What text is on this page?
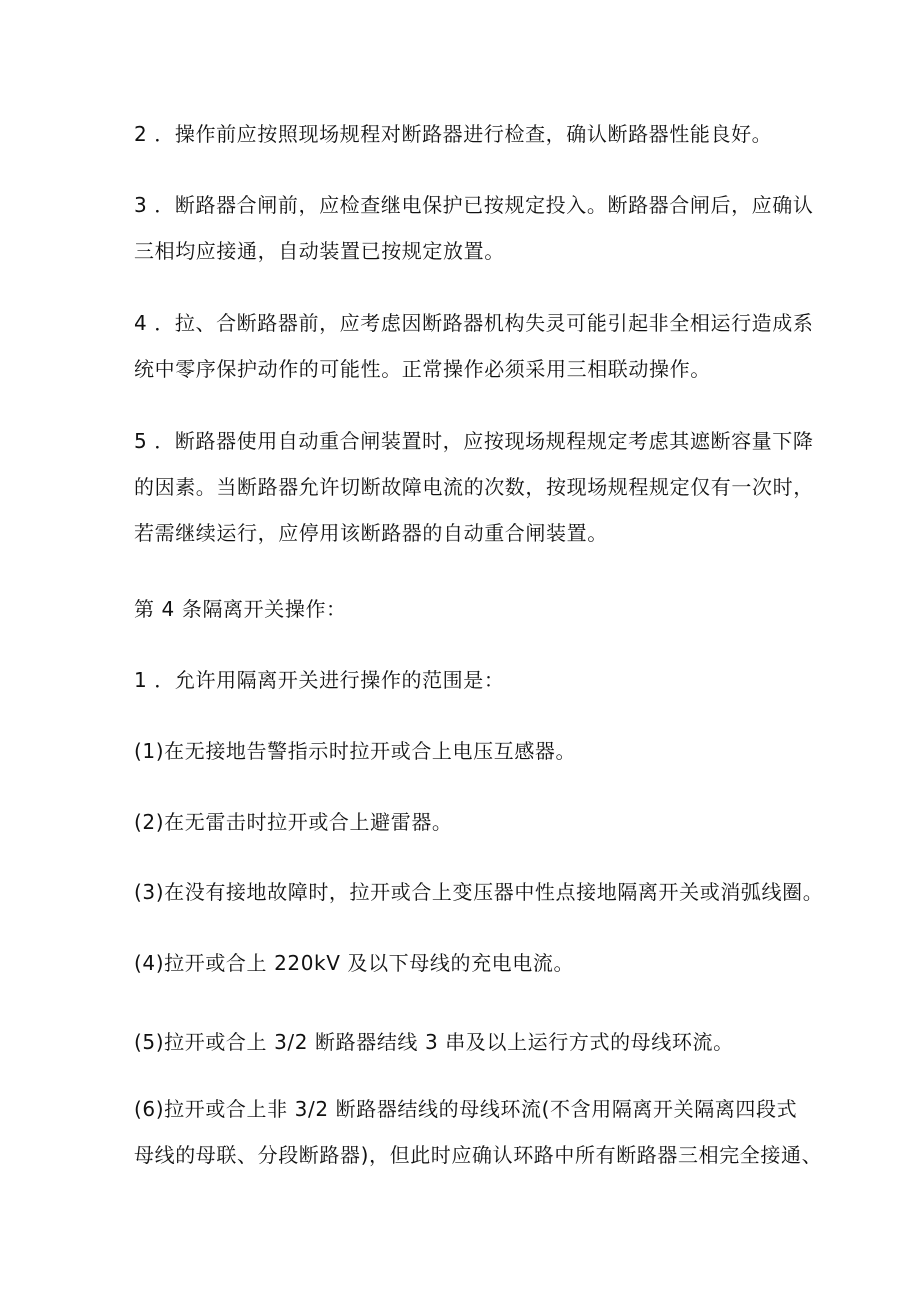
2 ．操作前应按照现场规程对断路器进行检查，确认断路器性能良好。

3 ．断路器合闸前，应检查继电保护已按规定投入。断路器合闸后，应确认
三相均应接通，自动装置已按规定放置。

4 ．拉、合断路器前，应考虑因断路器机构失灵可能引起非全相运行造成系
统中零序保护动作的可能性。正常操作必须采用三相联动操作。

5 ．断路器使用自动重合闸装置时，应按现场规程规定考虑其遮断容量下降
的因素。当断路器允许切断故障电流的次数，按现场规程规定仅有一次时，
若需继续运行，应停用该断路器的自动重合闸装置。

第 4 条隔离开关操作：

1 ．允许用隔离开关进行操作的范围是：

(1)在无接地告警指示时拉开或合上电压互感器。

(2)在无雷击时拉开或合上避雷器。

(3)在没有接地故障时，拉开或合上变压器中性点接地隔离开关或消弧线圈。

(4)拉开或合上 220kV 及以下母线的充电电流。

(5)拉开或合上 3/2 断路器结线 3 串及以上运行方式的母线环流。

(6)拉开或合上非 3/2 断路器结线的母线环流(不含用隔离开关隔离四段式
母线的母联、分段断路器)，但此时应确认环路中所有断路器三相完全接通、
